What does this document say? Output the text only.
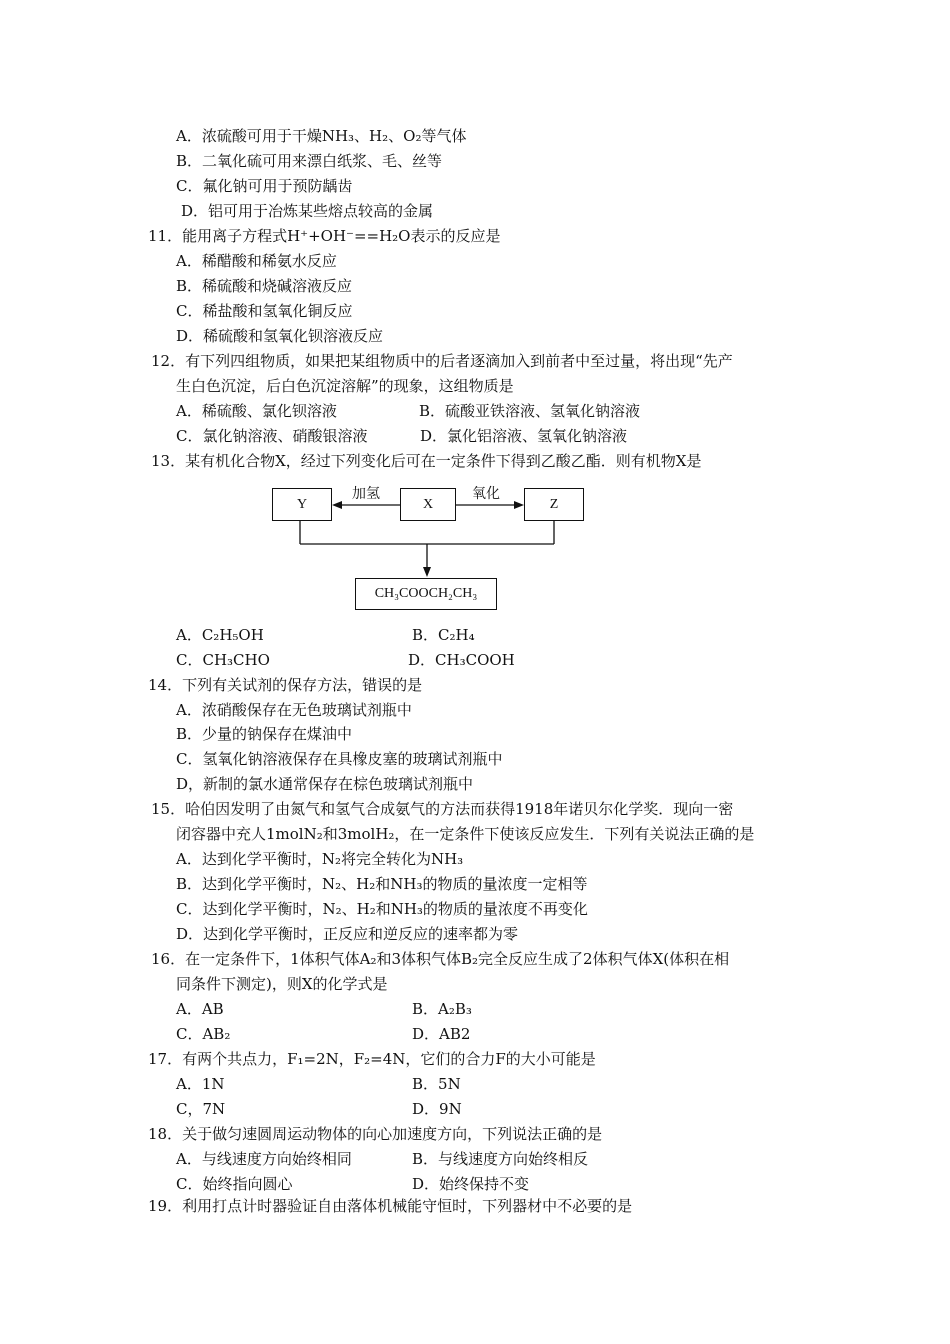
A．浓硫酸可用于干燥NH₃、H₂、O₂等气体
B．二氧化硫可用来漂白纸浆、毛、丝等
C．氟化钠可用于预防龋齿
D．铝可用于冶炼某些熔点较高的金属
11．能用离子方程式H⁺+OH⁻==H₂O表示的反应是
A．稀醋酸和稀氨水反应
B．稀硫酸和烧碱溶液反应
C．稀盐酸和氢氧化铜反应
D．稀硫酸和氢氧化钡溶液反应
12．有下列四组物质，如果把某组物质中的后者逐滴加入到前者中至过量，将出现“先产
生白色沉淀，后白色沉淀溶解”的现象，这组物质是
A．稀硫酸、氯化钡溶液	B．硫酸亚铁溶液、氢氧化钠溶液
C．氯化钠溶液、硝酸银溶液	D．氯化铝溶液、氢氧化钠溶液
13．某有机化合物X，经过下列变化后可在一定条件下得到乙酸乙酯．则有机物X是
Y	X	Z
加氢	氧化
CH₃COOCH₂CH₃
A．C₂H₅OH	B．C₂H₄
C．CH₃CHO	D．CH₃COOH
14．下列有关试剂的保存方法，错误的是
A．浓硝酸保存在无色玻璃试剂瓶中
B．少量的钠保存在煤油中
C．氢氧化钠溶液保存在具橡皮塞的玻璃试剂瓶中
D，新制的氯水通常保存在棕色玻璃试剂瓶中
15．哈伯因发明了由氮气和氢气合成氨气的方法而获得1918年诺贝尔化学奖．现向一密
闭容器中充人1molN₂和3molH₂，在一定条件下使该反应发生．下列有关说法正确的是
A．达到化学平衡时，N₂将完全转化为NH₃
B．达到化学平衡时，N₂、H₂和NH₃的物质的量浓度一定相等
C．达到化学平衡时，N₂、H₂和NH₃的物质的量浓度不再变化
D．达到化学平衡时，正反应和逆反应的速率都为零
16．在一定条件下，1体积气体A₂和3体积气体B₂完全反应生成了2体积气体X(体积在相
同条件下测定)，则X的化学式是
A．AB	B．A₂B₃
C．AB₂	D．AB2
17．有两个共点力，F₁=2N，F₂=4N，它们的合力F的大小可能是
A．1N	B．5N
C，7N	D．9N
18．关于做匀速圆周运动物体的向心加速度方向，下列说法正确的是
A．与线速度方向始终相同	B．与线速度方向始终相反
C．始终指向圆心	D．始终保持不变
19．利用打点计时器验证自由落体机械能守恒时，下列器材中不必要的是
